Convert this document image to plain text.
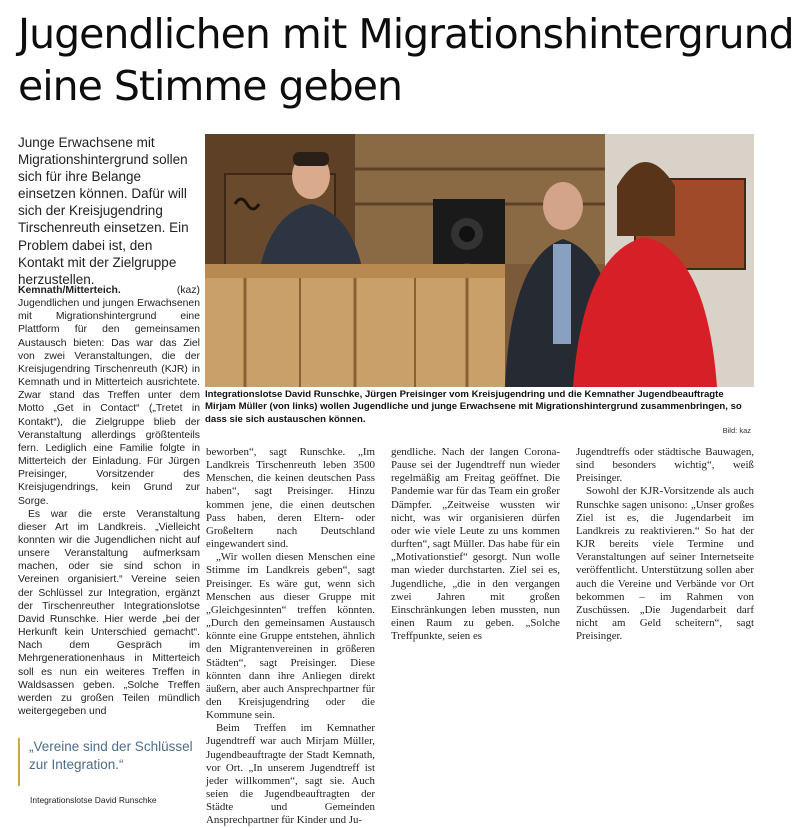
Jugendlichen mit Migrationshintergrund
eine Stimme geben
Junge Erwachsene mit Migrationshintergrund sollen sich für ihre Belange einsetzen können. Dafür will sich der Kreisjugendring Tirschenreuth einsetzen. Ein Problem dabei ist, den Kontakt mit der Zielgruppe herzustellen.
Integrationslotse David Runschke, Jürgen Preisinger vom Kreisjugendring und die Kemnather Jugendbeauftragte Mirjam Müller (von links) wollen Jugendliche und junge Erwachsene mit Migrationshintergrund zusammenbringen, so dass sie sich austauschen können.
Bild: kaz

Kemnath/Mitterteich.	(kaz) Jugendlichen und jungen Erwachsenen mit Migrationshintergrund eine Plattform für den gemeinsamen Austausch bieten: Das war das Ziel von zwei Veranstaltungen, die der Kreisjugendring Tirschenreuth (KJR) in Kemnath und in Mitterteich ausrichtete. Zwar stand das Treffen unter dem Motto „Get in Contact“ („Tretet in Kontakt“), die Zielgruppe blieb der Veranstaltung allerdings größtenteils fern. Lediglich eine Familie folgte in Mitterteich der Einladung. Für Jürgen Preisinger, Vorsitzender des Kreisjugendrings, kein Grund zur Sorge.

Es war die erste Veranstaltung dieser Art im Landkreis. „Vielleicht konnten wir die Jugendlichen nicht auf unsere Veranstaltung aufmerksam machen, oder sie sind schon in Vereinen organisiert.“ Vereine seien der Schlüssel zur Integration, ergänzt der Tirschenreuther Integrationslotse David Runschke. Hier werde „bei der Herkunft kein Unterschied gemacht“. Nach dem Gespräch im Mehrgenerationenhaus in Mitterteich soll es nun ein weiteres Treffen in Waldsassen geben. „Solche Treffen werden zu großen Teilen mündlich weitergegeben und

beworben“, sagt Runschke. „Im Landkreis Tirschenreuth leben 3500 Menschen, die keinen deutschen Pass haben“, sagt Preisinger. Hinzu kommen jene, die einen deutschen Pass haben, deren Eltern- oder Großeltern nach Deutschland eingewandert sind.

„Wir wollen diesen Menschen eine Stimme im Landkreis geben“, sagt Preisinger. Es wäre gut, wenn sich Menschen aus dieser Gruppe mit „Gleichgesinnten“ treffen könnten. „Durch den gemeinsamen Austausch könnte eine Gruppe entstehen, ähnlich den Migrantenvereinen in größeren Städten“, sagt Preisinger. Diese könnten dann ihre Anliegen direkt äußern, aber auch Ansprechpartner für den Kreisjugendring oder die Kommune sein.

Beim Treffen im Kemnather Jugendtreff war auch Mirjam Müller, Jugendbeauftragte der Stadt Kemnath, vor Ort. „In unserem Jugendtreff ist jeder willkommen“, sagt sie. Auch seien die Jugendbeauftragten der Städte und Gemeinden Ansprechpartner für Kinder und Ju-

gendliche. Nach der langen Corona-Pause sei der Jugendtreff nun wieder regelmäßig am Freitag geöffnet. Die Pandemie war für das Team ein großer Dämpfer. „Zeitweise wussten wir nicht, was wir organisieren dürfen oder wie viele Leute zu uns kommen durften“, sagt Müller. Das habe für ein „Motivationstief“ gesorgt. Nun wolle man wieder durchstarten. Ziel sei es, Jugendliche, „die in den vergangen zwei Jahren mit großen Einschränkungen leben mussten, nun einen Raum zu geben. „Solche Treffpunkte, seien es

Jugendtreffs oder städtische Bauwagen, sind besonders wichtig“, weiß Preisinger.

Sowohl der KJR-Vorsitzende als auch Runschke sagen unisono: „Unser großes Ziel ist es, die Jugendarbeit im Landkreis zu reaktivieren.“ So hat der KJR bereits viele Termine und Veranstaltungen auf seiner Internetseite veröffentlicht. Unterstützung sollen aber auch die Vereine und Verbände vor Ort bekommen – im Rahmen von Zuschüssen. „Die Jugendarbeit darf nicht am Geld scheitern“, sagt Preisinger.

„Vereine sind der Schlüssel zur Integration.“
Integrationslotse David Runschke
